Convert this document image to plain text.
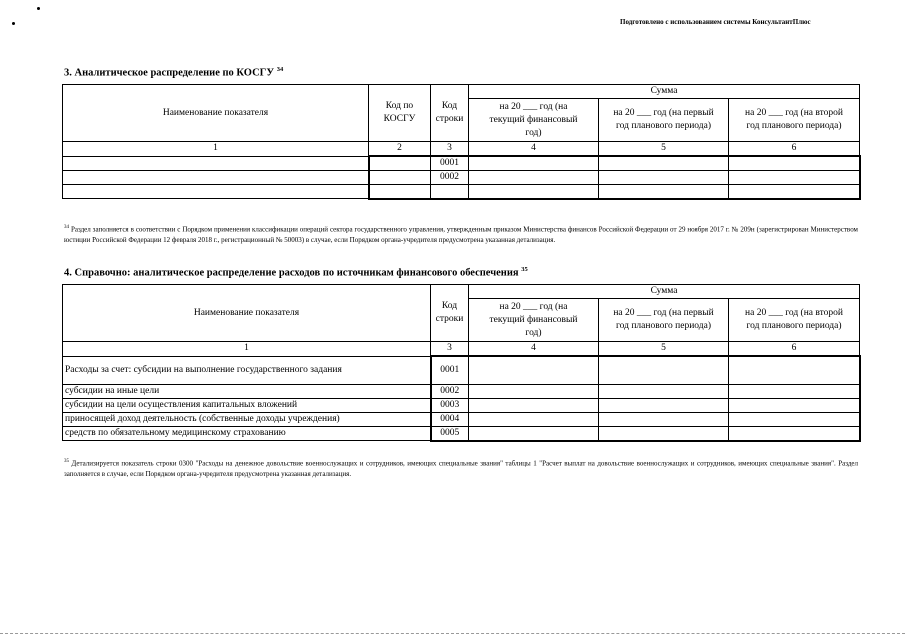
Подготовлено с использованием системы КонсультантПлюс
3. Аналитическое распределение по КОСГУ $^{34}$
Наименование показателя	Код по КОСГУ	Код строки	Сумма		
			на 20 ___ год (на текущий финансовый год)	на 20 ___ год (на первый год планового периода)	на 20 ___ год (на второй год планового периода)
1	2	3	4	5	6
		0001			
		0002			

$^{34}$ Раздел заполняется в соответствии с Порядком применения классификации операций сектора государственного управления, утвержденным приказом Министерства финансов Российской Федерации от 29 ноября 2017 г. № 209н (зарегистрирован Министерством юстиции Российской Федерации 12 февраля 2018 г., регистрационный № 50003) в случае, если Порядком органа-учредителя предусмотрена указанная детализация.
4. Справочно: аналитическое распределение расходов по источникам финансового обеспечения $^{35}$
Наименование показателя	Код строки	Сумма		
		на 20 ___ год (на текущий финансовый год)	на 20 ___ год (на первый год планового периода)	на 20 ___ год (на второй год планового периода)
1	3	4	5	6
Расходы за счет: субсидии на выполнение государственного задания	0001			
субсидии на иные цели	0002			
субсидии на цели осуществления капитальных вложений	0003			
приносящей доход деятельность (собственные доходы учреждения)	0004			
средств по обязательному медицинскому страхованию	0005			
$^{35}$ Детализируется показатель строки 0300 "Расходы на денежное довольствие военнослужащих и сотрудников, имеющих специальные звания" таблицы 1 "Расчет выплат на довольствие военнослужащих и сотрудников, имеющих специальные звания". Раздел заполняется в случае, если Порядком органа-учредителя предусмотрена указанная детализация.
